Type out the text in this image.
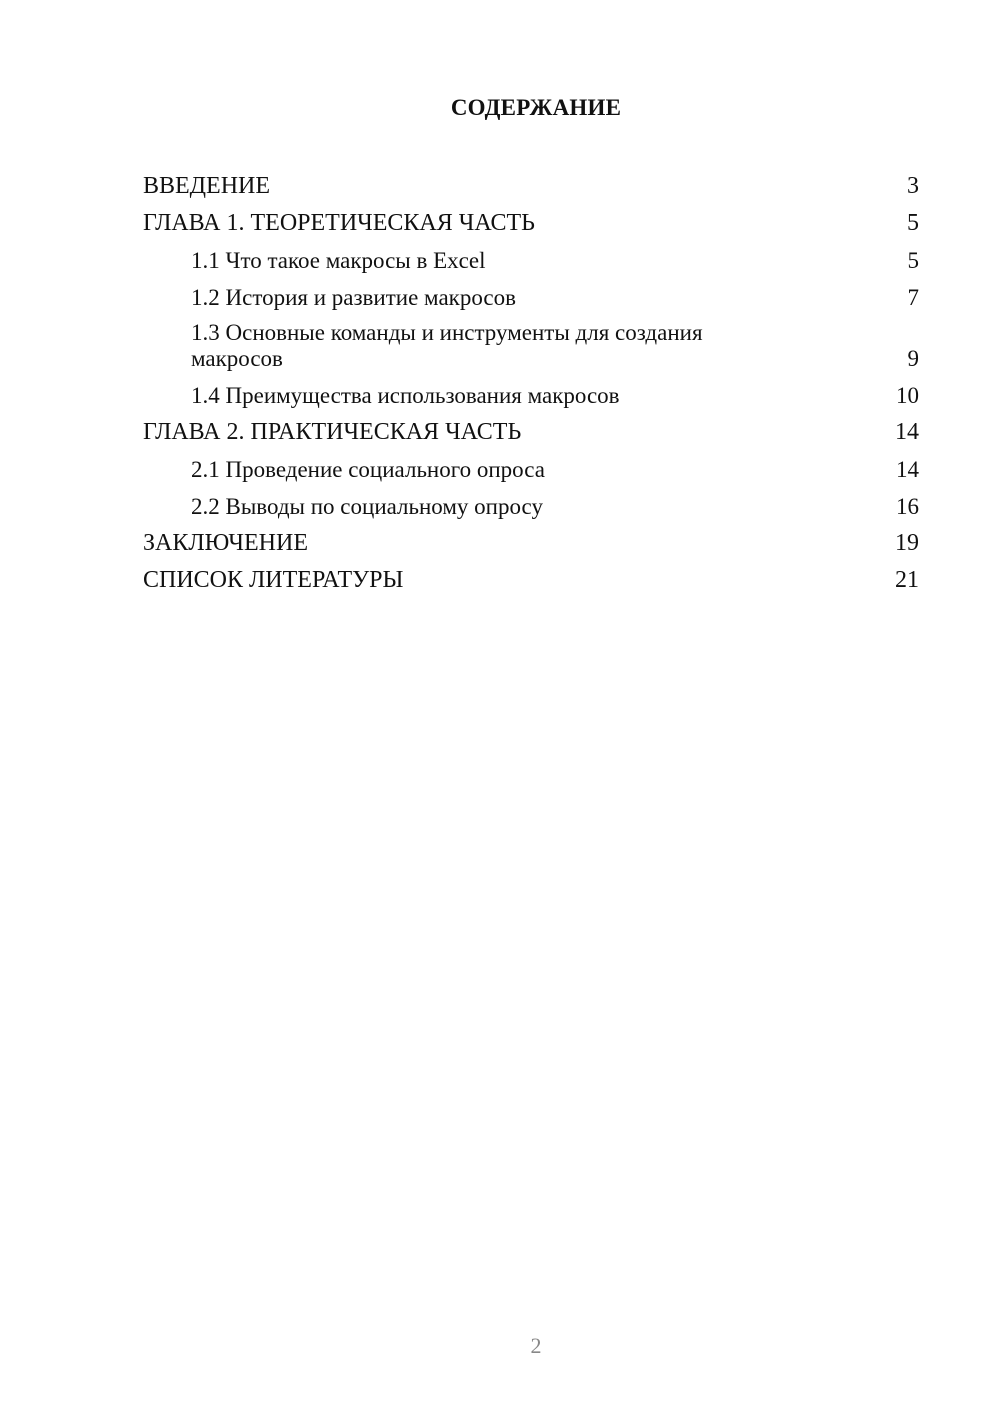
СОДЕРЖАНИЕ
ВВЕДЕНИЕ	3
ГЛАВА 1. ТЕОРЕТИЧЕСКАЯ ЧАСТЬ	5
1.1 Что такое макросы в Excel	5
1.2 История и развитие макросов	7
1.3 Основные команды и инструменты для создания макросов	9
1.4 Преимущества использования макросов	10
ГЛАВА 2. ПРАКТИЧЕСКАЯ ЧАСТЬ	14
2.1 Проведение социального опроса	14
2.2 Выводы по социальному опросу	16
ЗАКЛЮЧЕНИЕ	19
СПИСОК ЛИТЕРАТУРЫ	21
2
